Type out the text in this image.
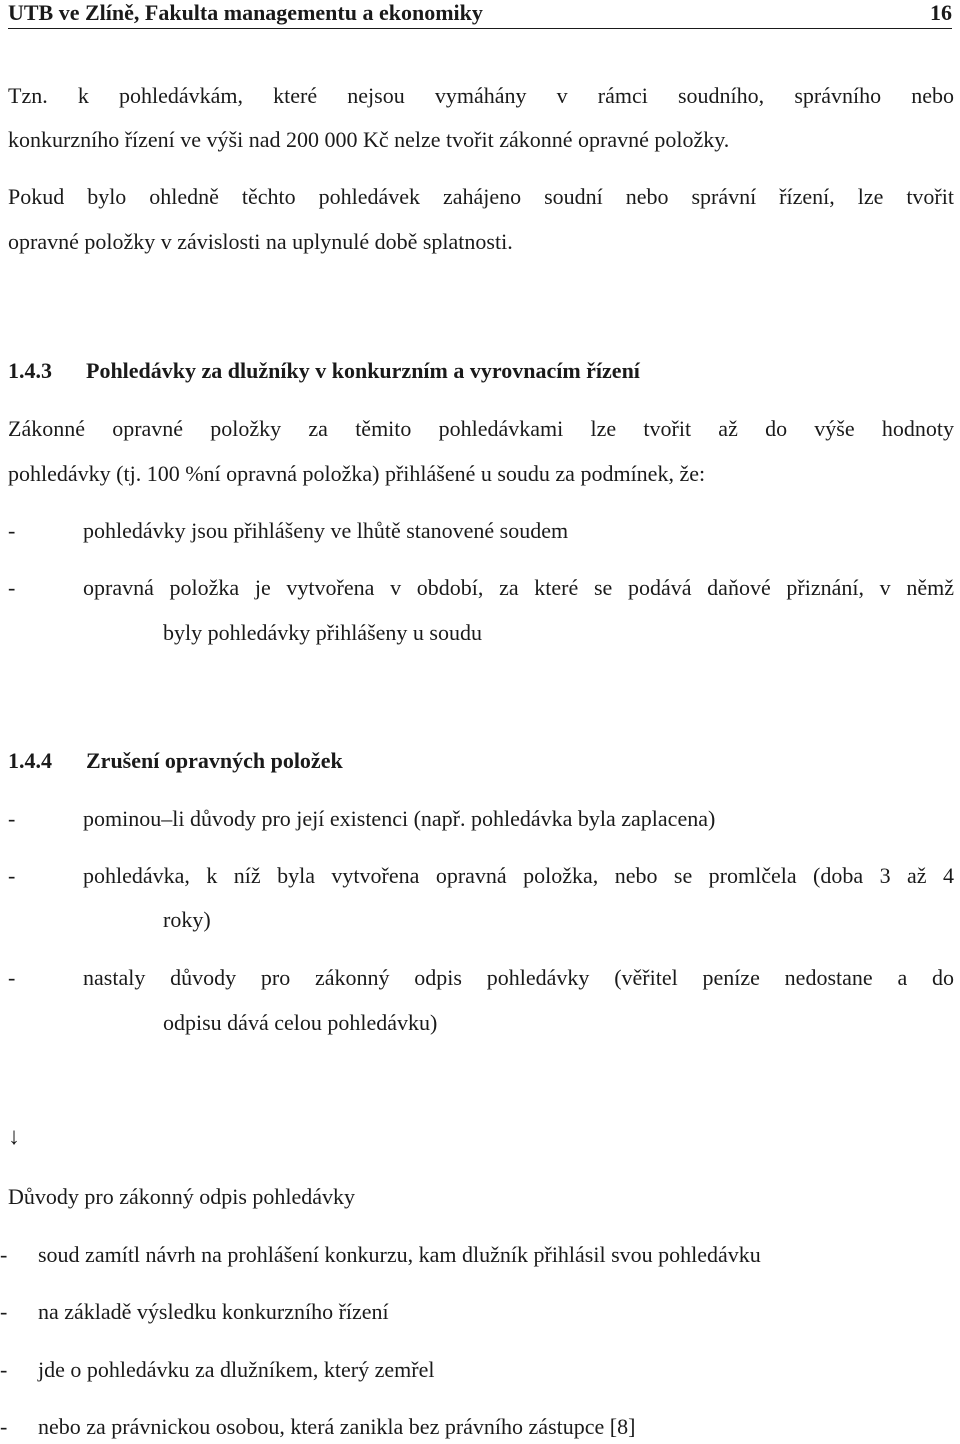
UTB ve Zlíně, Fakulta managementu a ekonomiky	16
Tzn. k pohledávkám, které nejsou vymáhány v rámci soudního, správního nebo
konkurzního řízení ve výši nad 200 000 Kč nelze tvořit zákonné opravné položky.
Pokud bylo ohledně těchto pohledávek zahájeno soudní nebo správní řízení, lze tvořit
opravné položky v závislosti na uplynulé době splatnosti.
1.4.3 Pohledávky za dlužníky v konkurzním a vyrovnacím řízení
Zákonné opravné položky za těmito pohledávkami lze tvořit až do výše hodnoty
pohledávky (tj. 100 %ní opravná položka) přihlášené u soudu za podmínek, že:
-	pohledávky jsou přihlášeny ve lhůtě stanovené soudem
-	opravná položka je vytvořena v období, za které se podává daňové přiznání, v němž
byly pohledávky přihlášeny u soudu
1.4.4 Zrušení opravných položek
-	pominou–li důvody pro její existenci (např. pohledávka byla zaplacena)
-	pohledávka, k níž byla vytvořena opravná položka, nebo se promlčela (doba 3 až 4
roky)
-	nastaly důvody pro zákonný odpis pohledávky (věřitel peníze nedostane a do
odpisu dává celou pohledávku)
↓
Důvody pro zákonný odpis pohledávky
- soud zamítl návrh na prohlášení konkurzu, kam dlužník přihlásil svou pohledávku
- na základě výsledku konkurzního řízení
- jde o pohledávku za dlužníkem, který zemřel
- nebo za právnickou osobou, která zanikla bez právního zástupce [8]
